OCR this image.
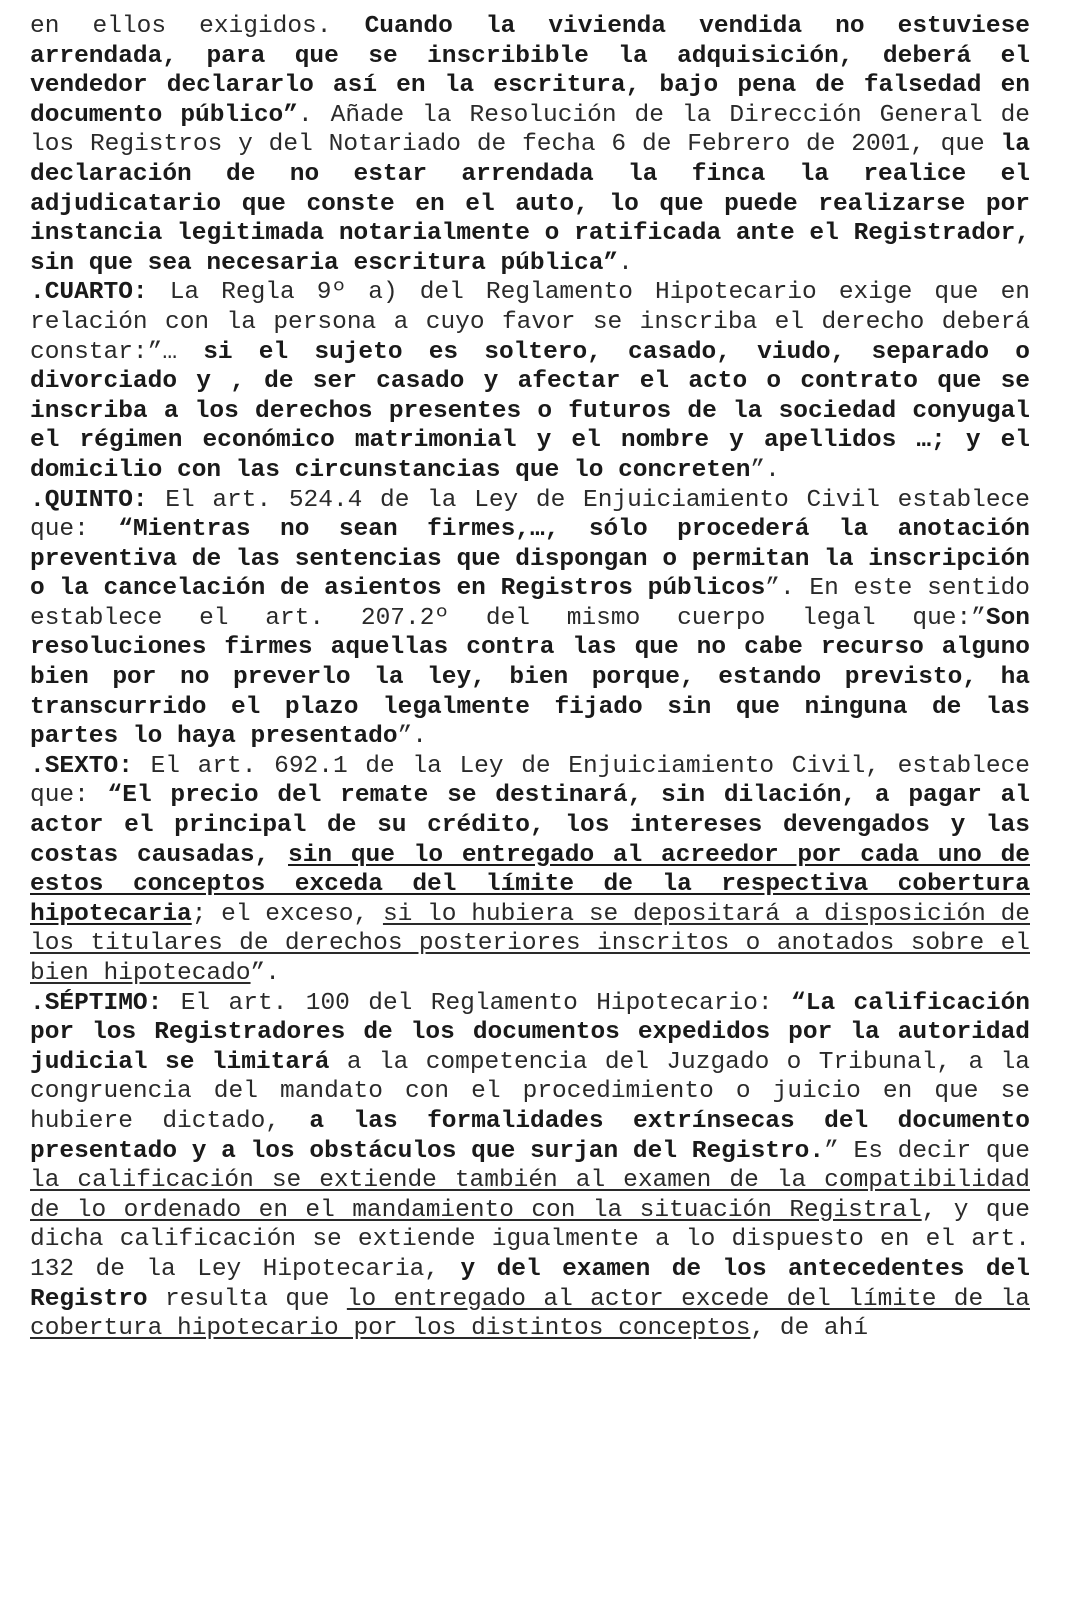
en ellos exigidos. Cuando la vivienda vendida no estuviese arrendada, para que se inscribible la adquisición, deberá el vendedor declararlo así en la escritura, bajo pena de falsedad en documento público”. Añade la Resolución de la Dirección General de los Registros y del Notariado de fecha 6 de Febrero de 2001, que la declaración de no estar arrendada la finca la realice el adjudicatario que conste en el auto, lo que puede realizarse por instancia legitimada notarialmente o ratificada ante el Registrador, sin que sea necesaria escritura pública”.

.CUARTO: La Regla 9º a) del Reglamento Hipotecario exige que en relación con la persona a cuyo favor se inscriba el derecho deberá constar:”… si el sujeto es soltero, casado, viudo, separado o divorciado y , de ser casado y afectar el acto o contrato que se inscriba a los derechos presentes o futuros de la sociedad conyugal el régimen económico matrimonial y el nombre y apellidos …; y el domicilio con las circunstancias que lo concreten”.

.QUINTO: El art. 524.4 de la Ley de Enjuiciamiento Civil establece que: “Mientras no sean firmes,…, sólo procederá la anotación preventiva de las sentencias que dispongan o permitan la inscripción o la cancelación de asientos en Registros públicos”. En este sentido establece el art. 207.2º del mismo cuerpo legal que:”Son resoluciones firmes aquellas contra las que no cabe recurso alguno bien por no preverlo la ley, bien porque, estando previsto, ha transcurrido el plazo legalmente fijado sin que ninguna de las partes lo haya presentado”.

.SEXTO: El art. 692.1 de la Ley de Enjuiciamiento Civil, establece que: “El precio del remate se destinará, sin dilación, a pagar al actor el principal de su crédito, los intereses devengados y las costas causadas, sin que lo entregado al acreedor por cada uno de estos conceptos exceda del límite de la respectiva cobertura hipotecaria; el exceso, si lo hubiera se depositará a disposición de los titulares de derechos posteriores inscritos o anotados sobre el bien hipotecado”.

.SÉPTIMO: El art. 100 del Reglamento Hipotecario: “La calificación por los Registradores de los documentos expedidos por la autoridad judicial se limitará a la competencia del Juzgado o Tribunal, a la congruencia del mandato con el procedimiento o juicio en que se hubiere dictado, a las formalidades extrínsecas del documento presentado y a los obstáculos que surjan del Registro.” Es decir que la calificación se extiende también al examen de la compatibilidad de lo ordenado en el mandamiento con la situación Registral, y que dicha calificación se extiende igualmente a lo dispuesto en el art. 132 de la Ley Hipotecaria, y del examen de los antecedentes del Registro resulta que lo entregado al actor excede del límite de la cobertura hipotecario por los distintos conceptos, de ahí
